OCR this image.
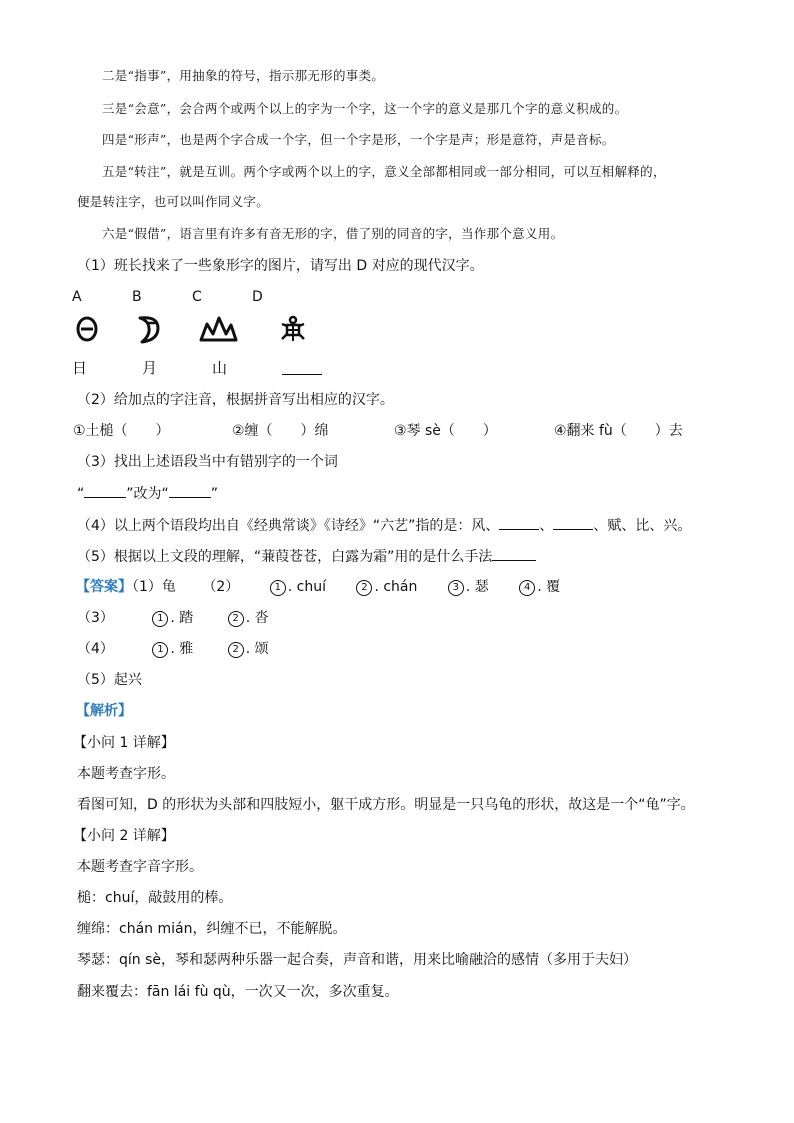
二是“指事”，用抽象的符号，指示那无形的事类。
三是“会意”，会合两个或两个以上的字为一个字，这一个字的意义是那几个字的意义积成的。
四是“形声”，也是两个字合成一个字，但一个字是形，一个字是声；形是意符，声是音标。
五是“转注”，就是互训。两个字或两个以上的字，意义全部都相同或一部分相同，可以互相解释的，
便是转注字，也可以叫作同义字。
六是“假借”，语言里有许多有音无形的字，借了别的同音的字，当作那个意义用。
（1）班长找来了一些象形字的图片，请写出 D 对应的现代汉字。
A	B	C	D
日	月	山
（2）给加点的字注音，根据拼音写出相应的汉字。
①土槌（　　）	②缠（　　）绵	③琴 sè（　　）	④翻来 fù（　　）去
（3）找出上述语段当中有错别字的一个词
“	”改为“	”
（4）以上两个语段均出自《经典常谈》《诗经》“六艺”指的是：风、	、	、赋、比、兴。
（5）根据以上文段的理解，“蒹葭苍苍，白露为霜”用的是什么手法
【答案】（1）龟 （2）	1 . chuí	2 . chán	3 . 瑟	4 . 覆
（3）	1 . 踏	2 . 沓
（4）	1 . 雅	2 . 颂
（5）起兴
【解析】
【小问 1 详解】
本题考查字形。
看图可知，D 的形状为头部和四肢短小，躯干成方形。明显是一只乌龟的形状，故这是一个“龟”字。
【小问 2 详解】
本题考查字音字形。
槌：chuí，敲鼓用的棒。
缠绵：chán mián，纠缠不已，不能解脱。
琴瑟：qín sè，琴和瑟两种乐器一起合奏，声音和谐，用来比喻融洽的感情（多用于夫妇）
翻来覆去：fān lái fù qù，一次又一次，多次重复。
